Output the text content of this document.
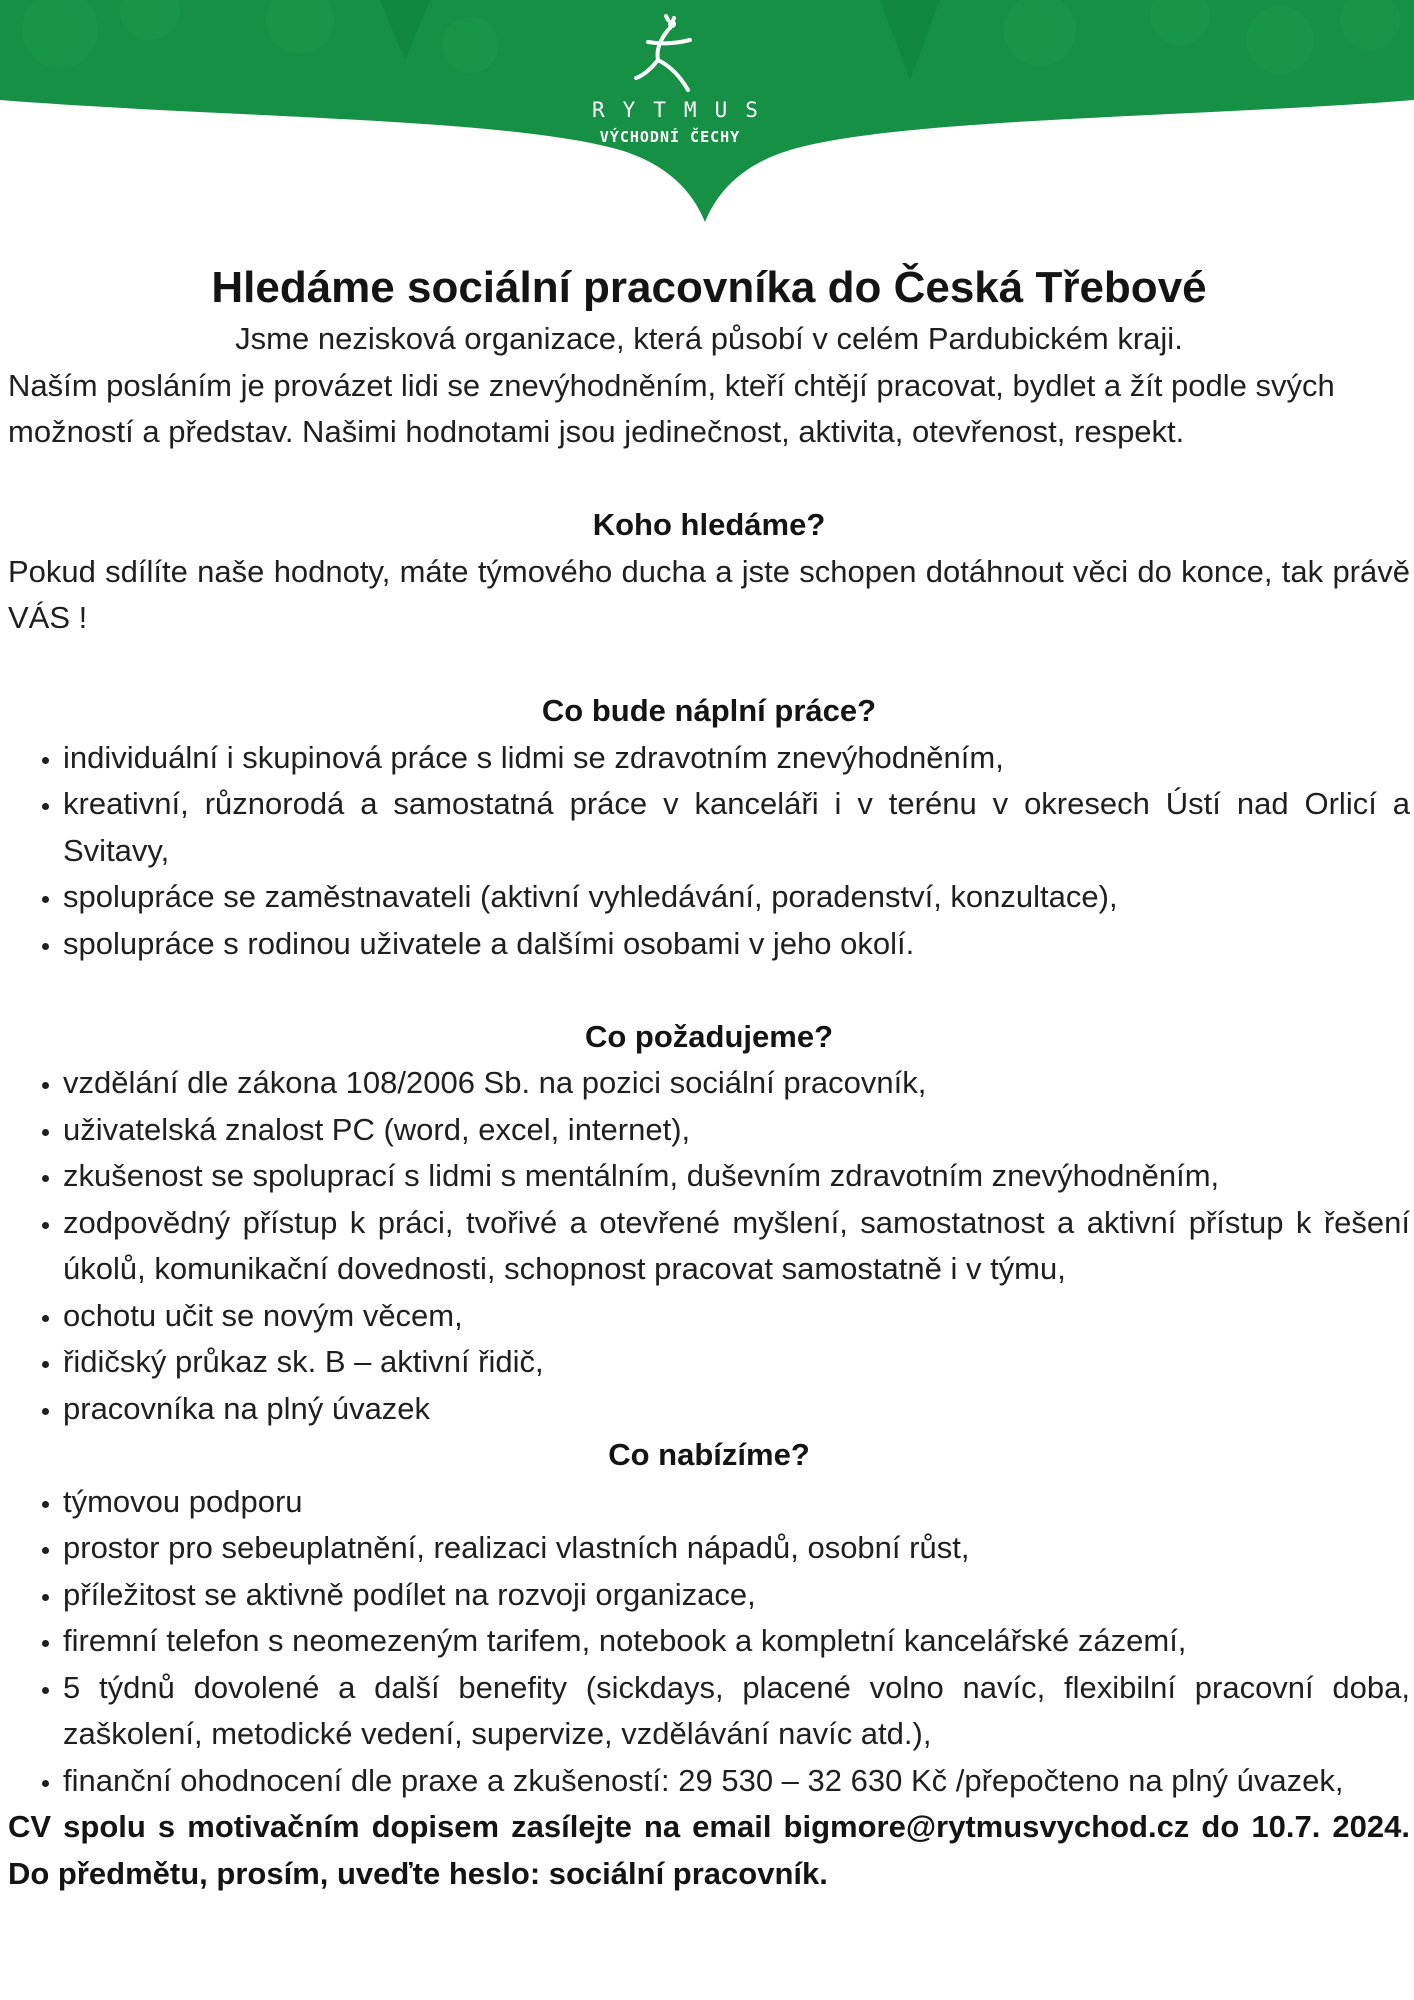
RYTMUS
VÝCHODNÍ ČECHY
Hledáme sociální pracovníka do Česká Třebové

Jsme nezisková organizace, která působí v celém Pardubickém kraji.

Naším posláním je provázet lidi se znevýhodněním, kteří chtějí pracovat, bydlet a žít podle svých možností a představ. Našimi hodnotami jsou jedinečnost, aktivita, otevřenost, respekt.

Koho hledáme?

Pokud sdílíte naše hodnoty, máte týmového ducha a jste schopen dotáhnout věci do konce, tak právě VÁS !

Co bude náplní práce?

• individuální i skupinová práce s lidmi se zdravotním znevýhodněním,
• kreativní, různorodá a samostatná práce v kanceláři i v terénu v okresech Ústí nad Orlicí a Svitavy,
• spolupráce se zaměstnavateli (aktivní vyhledávání, poradenství, konzultace),
• spolupráce s rodinou uživatele a dalšími osobami v jeho okolí.

Co požadujeme?

• vzdělání dle zákona 108/2006 Sb. na pozici sociální pracovník,
• uživatelská znalost PC (word, excel, internet),
• zkušenost se spoluprací s lidmi s mentálním, duševním zdravotním znevýhodněním,
• zodpovědný přístup k práci, tvořivé a otevřené myšlení, samostatnost a aktivní přístup k řešení úkolů, komunikační dovednosti, schopnost pracovat samostatně i v týmu,
• ochotu učit se novým věcem,
• řidičský průkaz sk. B – aktivní řidič,
• pracovníka na plný úvazek

Co nabízíme?

• týmovou podporu
• prostor pro sebeuplatnění, realizaci vlastních nápadů, osobní růst,
• příležitost se aktivně podílet na rozvoji organizace,
• firemní telefon s neomezeným tarifem, notebook a kompletní kancelářské zázemí,
• 5 týdnů dovolené a další benefity (sickdays, placené volno navíc, flexibilní pracovní doba, zaškolení, metodické vedení, supervize, vzdělávání navíc atd.),
• finanční ohodnocení dle praxe a zkušeností: 29 530 – 32 630 Kč /přepočteno na plný úvazek,

CV spolu s motivačním dopisem zasílejte na email bigmore@rytmusvychod.cz do 10.7. 2024. Do předmětu, prosím, uveďte heslo: sociální pracovník.
